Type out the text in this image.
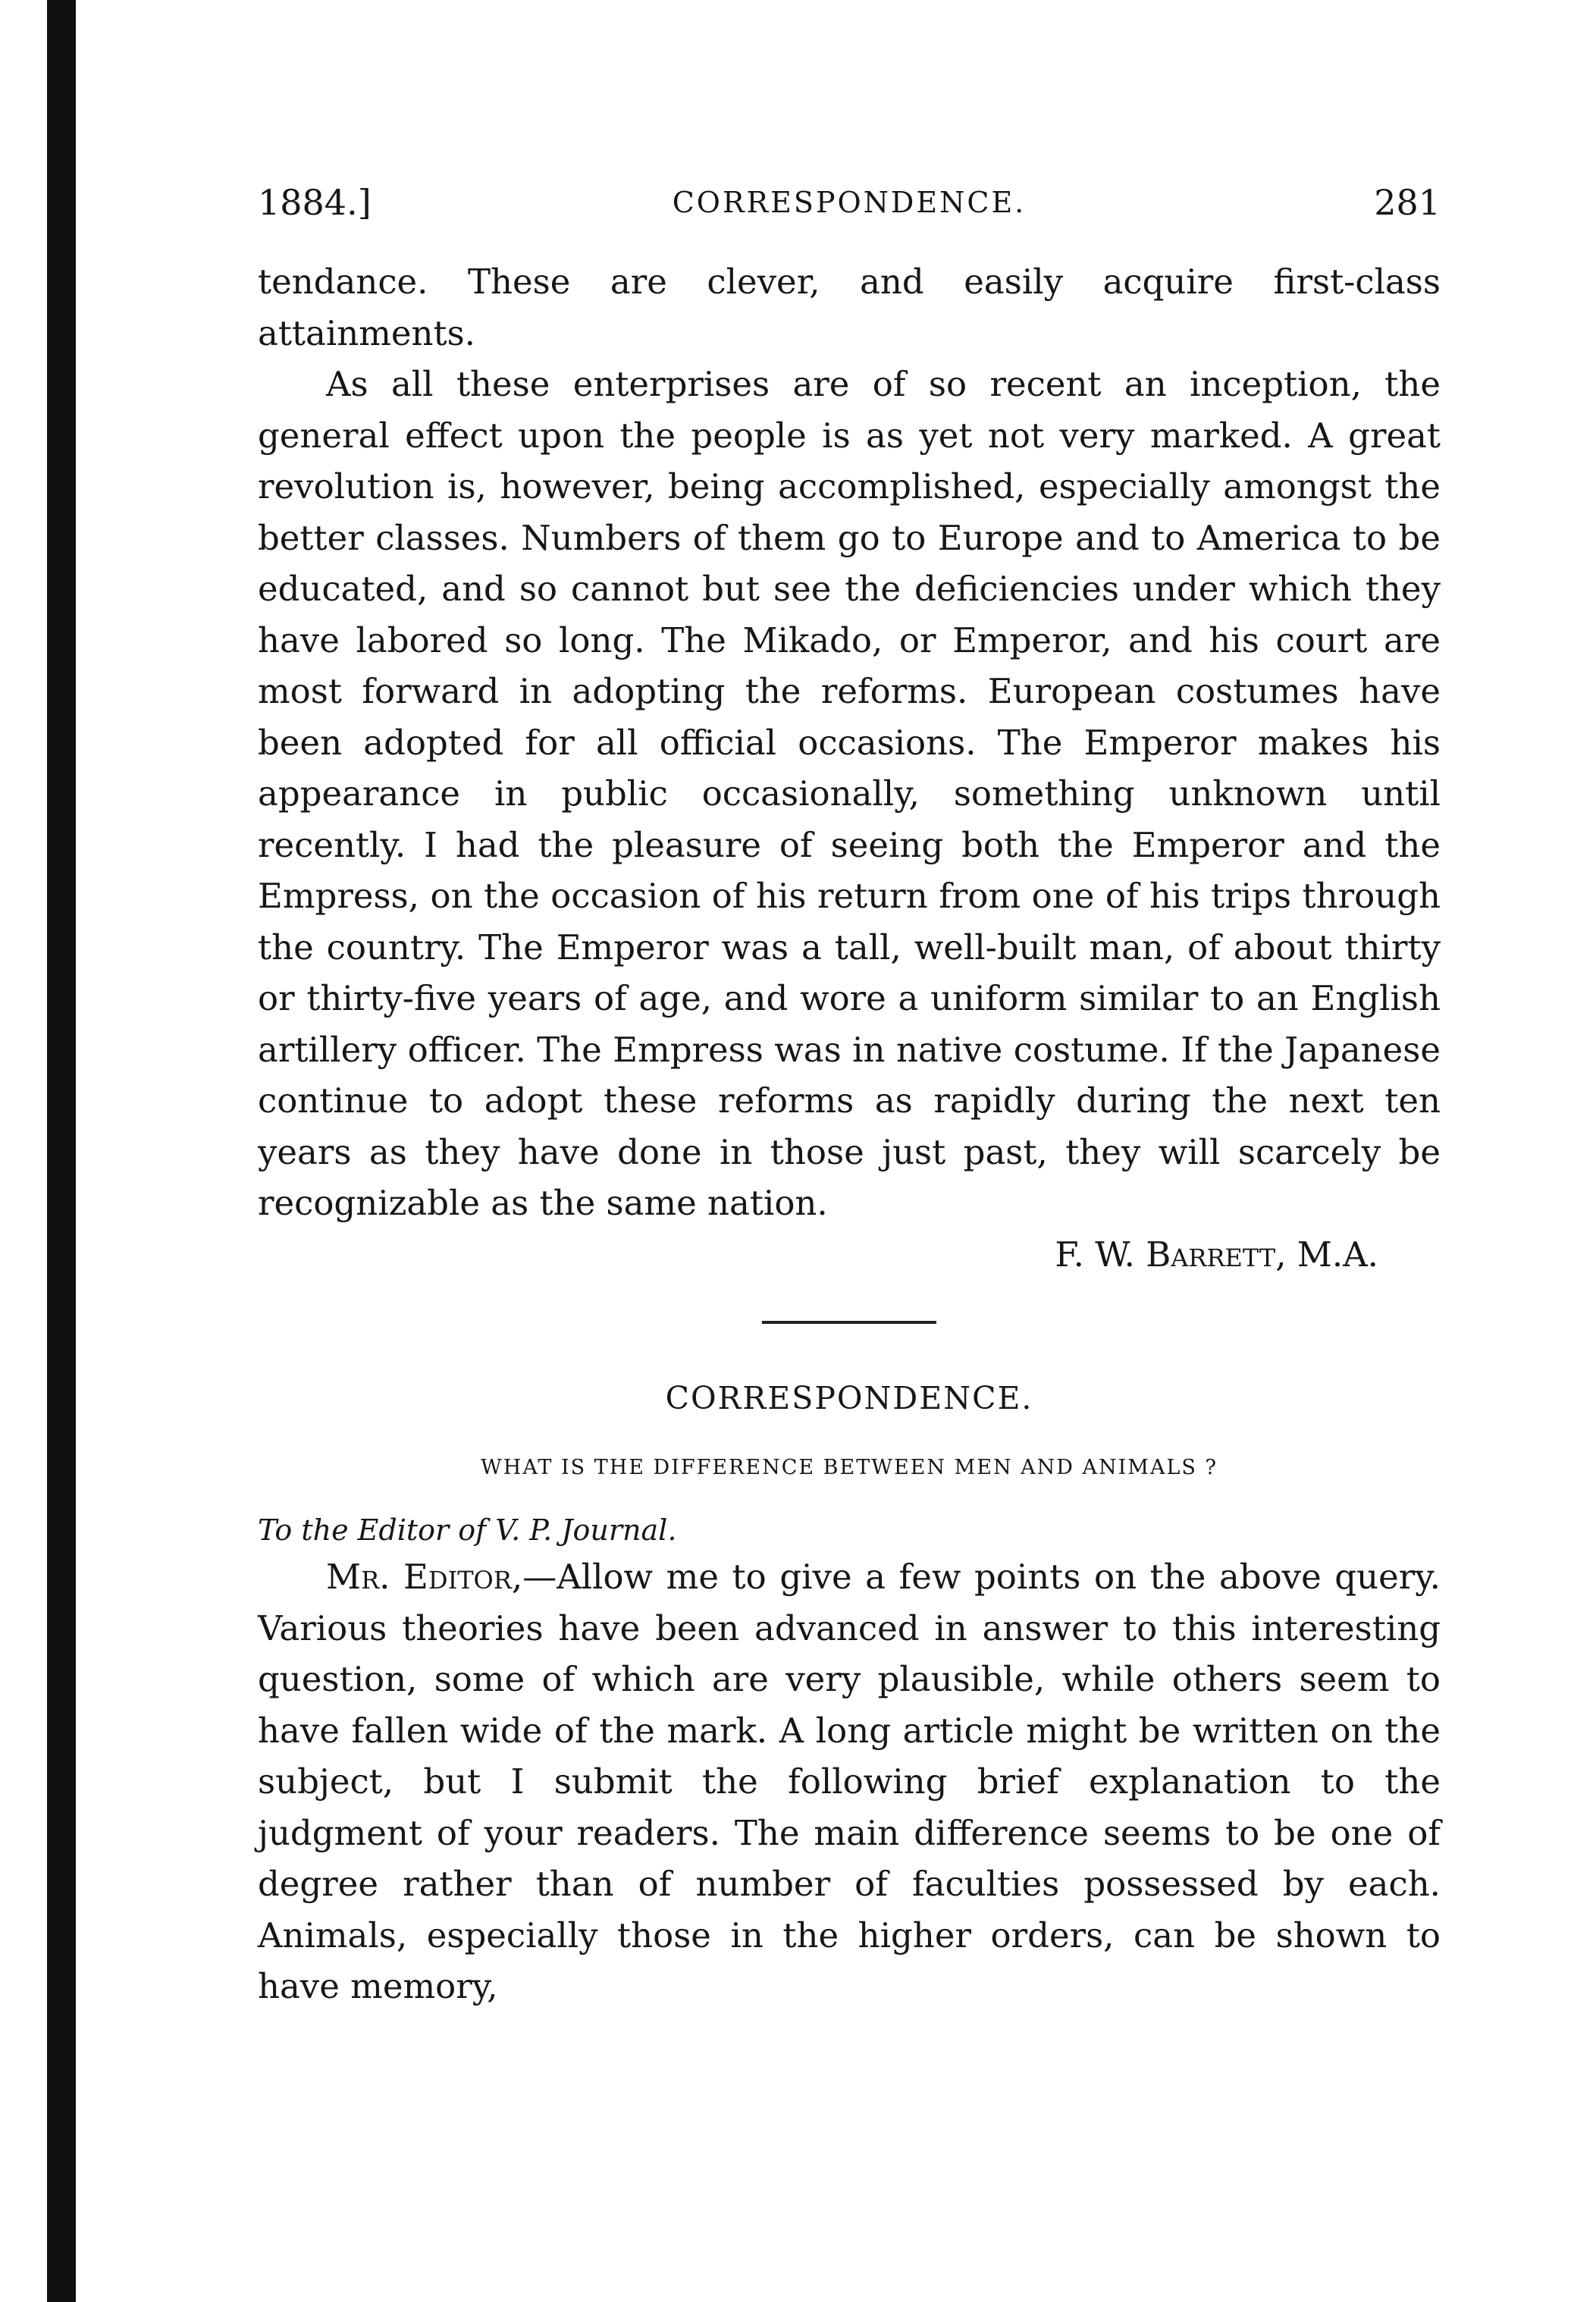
1884.]	CORRESPONDENCE.	281

tendance. These are clever, and easily acquire first-class attainments.

As all these enterprises are of so recent an inception, the general effect upon the people is as yet not very marked. A great revolution is, however, being accomplished, especially amongst the better classes. Numbers of them go to Europe and to America to be educated, and so cannot but see the deficiencies under which they have labored so long. The Mikado, or Emperor, and his court are most forward in adopting the reforms. European costumes have been adopted for all official occasions. The Emperor makes his appearance in public occasionally, something unknown until recently. I had the pleasure of seeing both the Emperor and the Empress, on the occasion of his return from one of his trips through the country. The Emperor was a tall, well-built man, of about thirty or thirty-five years of age, and wore a uniform similar to an English artillery officer. The Empress was in native costume. If the Japanese continue to adopt these reforms as rapidly during the next ten years as they have done in those just past, they will scarcely be recognizable as the same nation.

F. W. Barrett, M.A.

CORRESPONDENCE.
WHAT IS THE DIFFERENCE BETWEEN MEN AND ANIMALS ?
To the Editor of V. P. Journal.

Mr. Editor,—Allow me to give a few points on the above query. Various theories have been advanced in answer to this interesting question, some of which are very plausible, while others seem to have fallen wide of the mark. A long article might be written on the subject, but I submit the following brief explanation to the judgment of your readers. The main difference seems to be one of degree rather than of number of faculties possessed by each. Animals, especially those in the higher orders, can be shown to have memory,
